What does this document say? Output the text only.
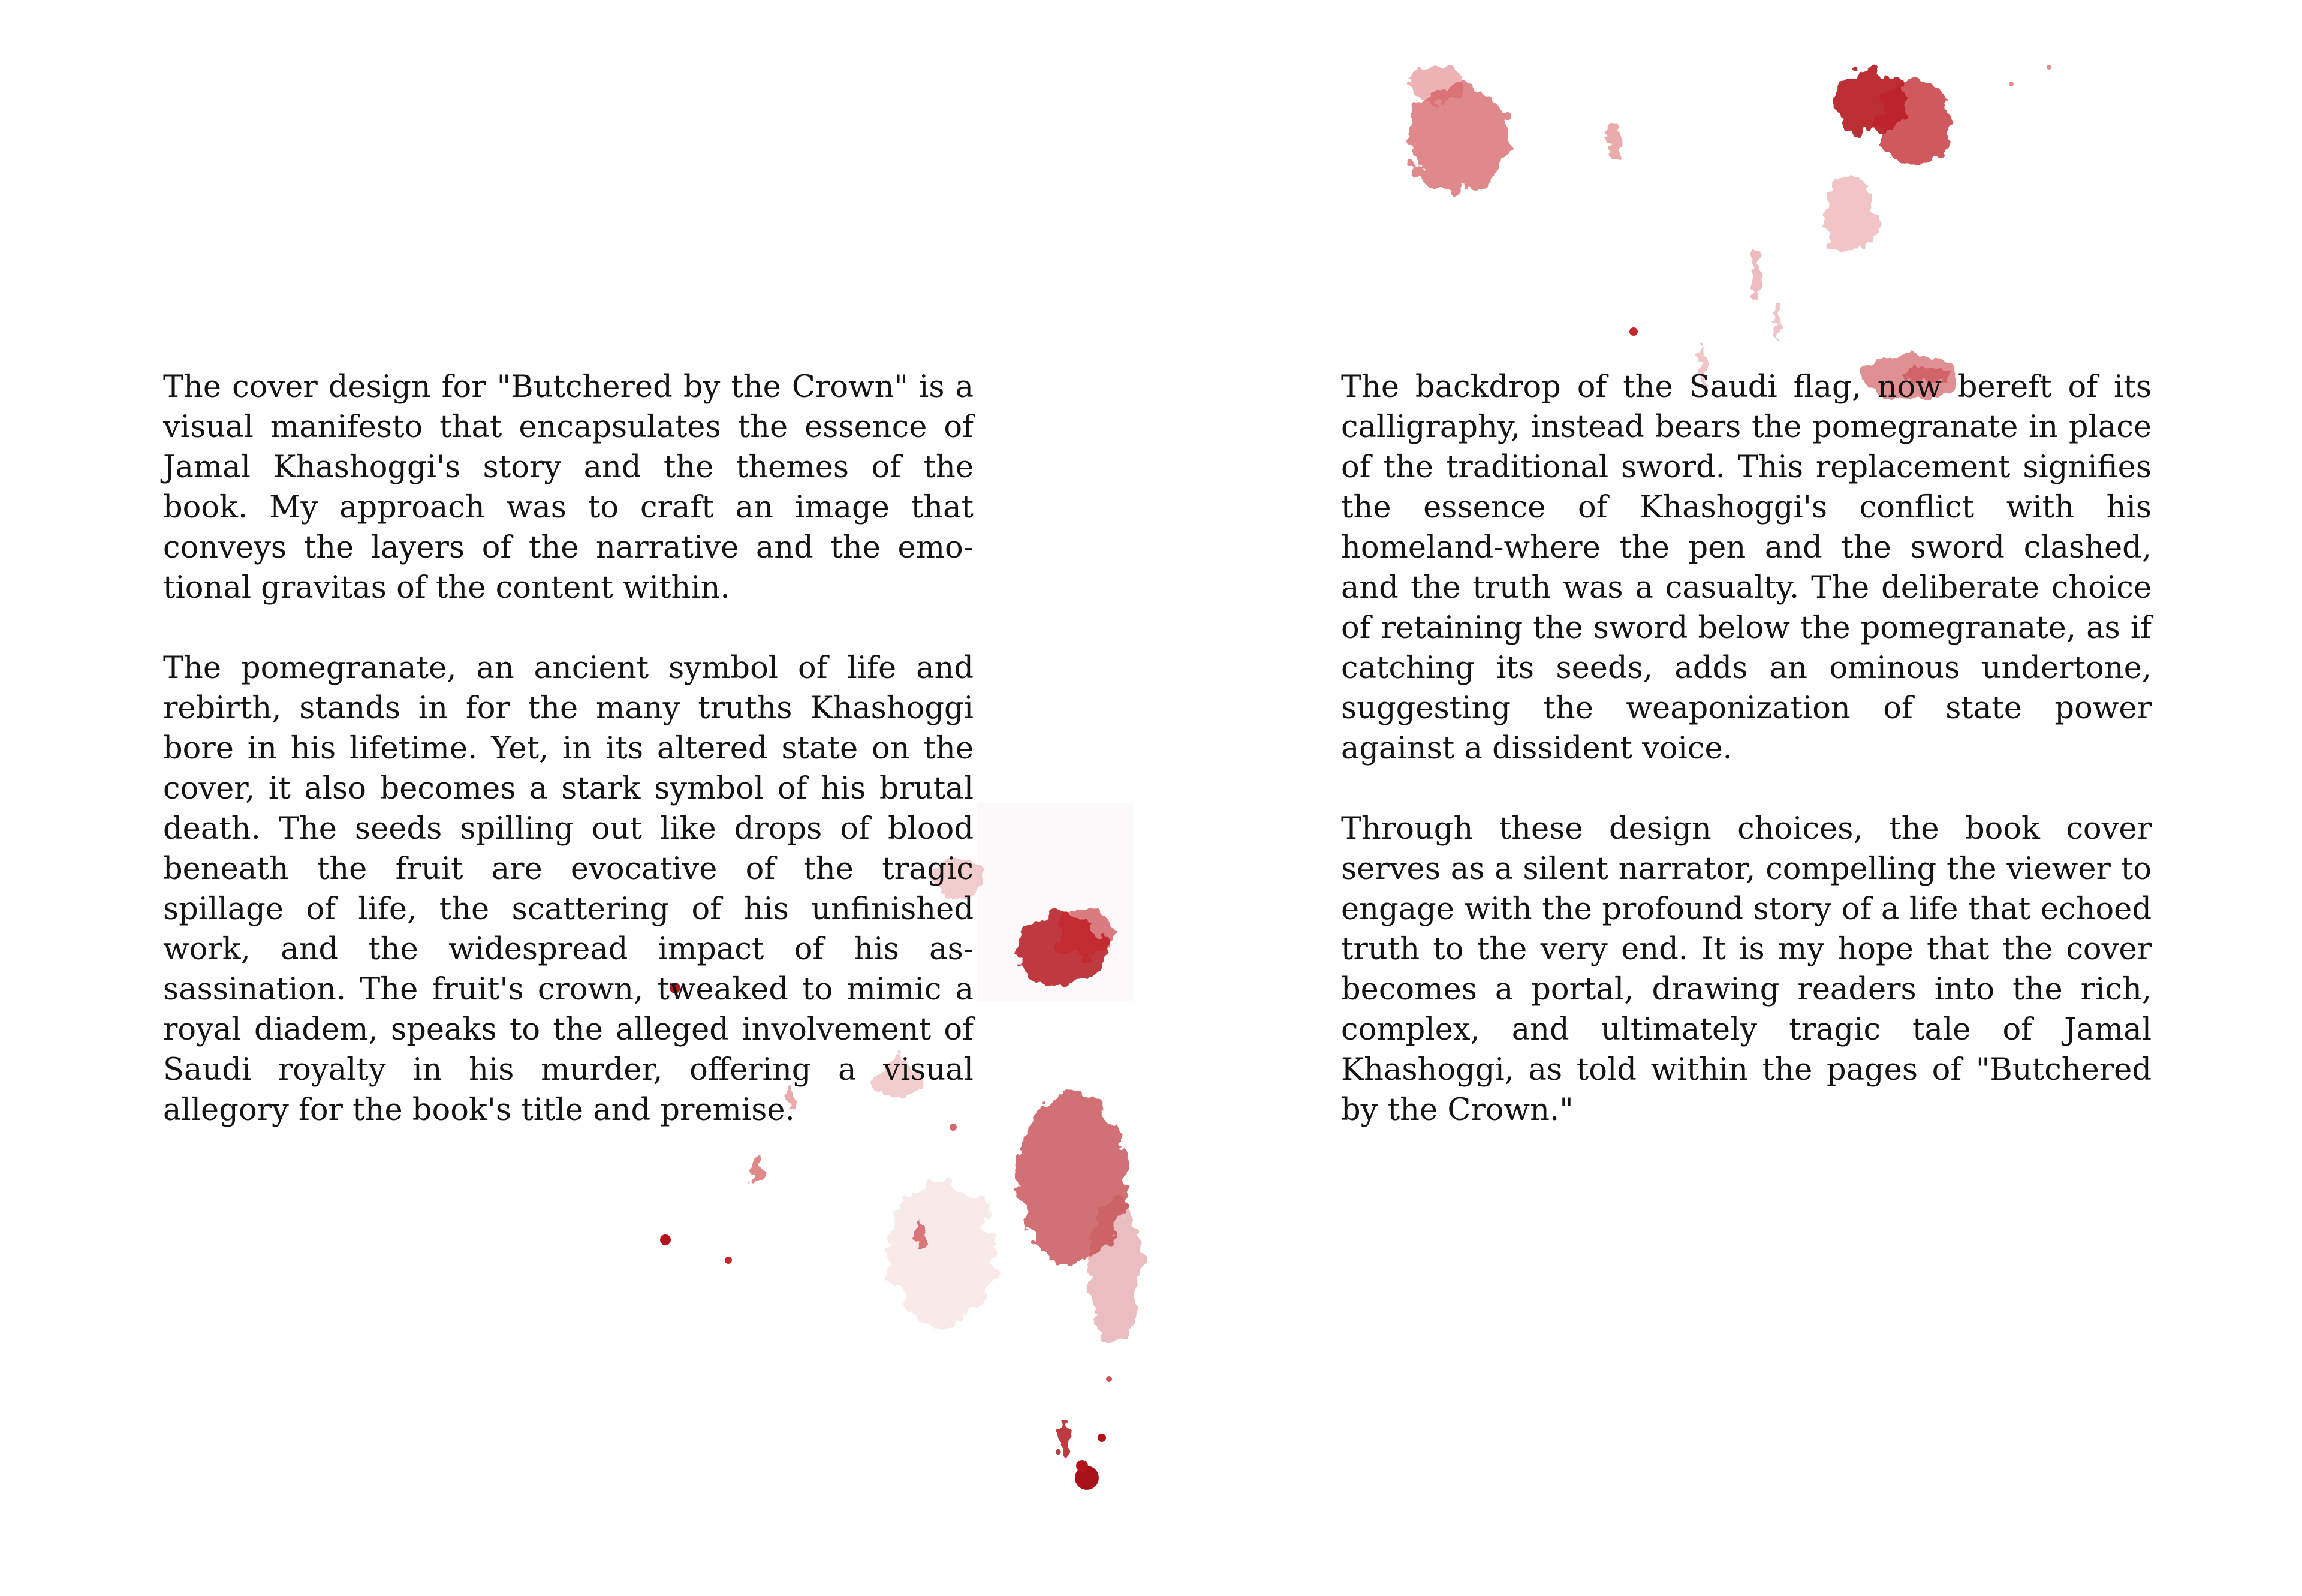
The cover design for "Butchered by the Crown" is a visual manifesto that encapsulates the essence of Jamal Khashoggi's story and the themes of the book. My approach was to craft an image that conveys the layers of the narrative and the emotional gravitas of the content within.

The pomegranate, an ancient symbol of life and rebirth, stands in for the many truths Khashoggi bore in his lifetime. Yet, in its altered state on the cover, it also becomes a stark symbol of his brutal death. The seeds spilling out like drops of blood beneath the fruit are evocative of the tragic spillage of life, the scattering of his unfinished work, and the widespread impact of his assassination. The fruit's crown, tweaked to mimic a royal diadem, speaks to the alleged involvement of Saudi royalty in his murder, offering a visual allegory for the book's title and premise.

The backdrop of the Saudi flag, now bereft of its calligraphy, instead bears the pomegranate in place of the traditional sword. This replacement signifies the essence of Khashoggi's conflict with his homeland-where the pen and the sword clashed, and the truth was a casualty. The deliberate choice of retaining the sword below the pomegranate, as if catching its seeds, adds an ominous undertone, suggesting the weaponization of state power against a dissident voice.

Through these design choices, the book cover serves as a silent narrator, compelling the viewer to engage with the profound story of a life that echoed truth to the very end. It is my hope that the cover becomes a portal, drawing readers into the rich, complex, and ultimately tragic tale of Jamal Khashoggi, as told within the pages of "Butchered by the Crown."
